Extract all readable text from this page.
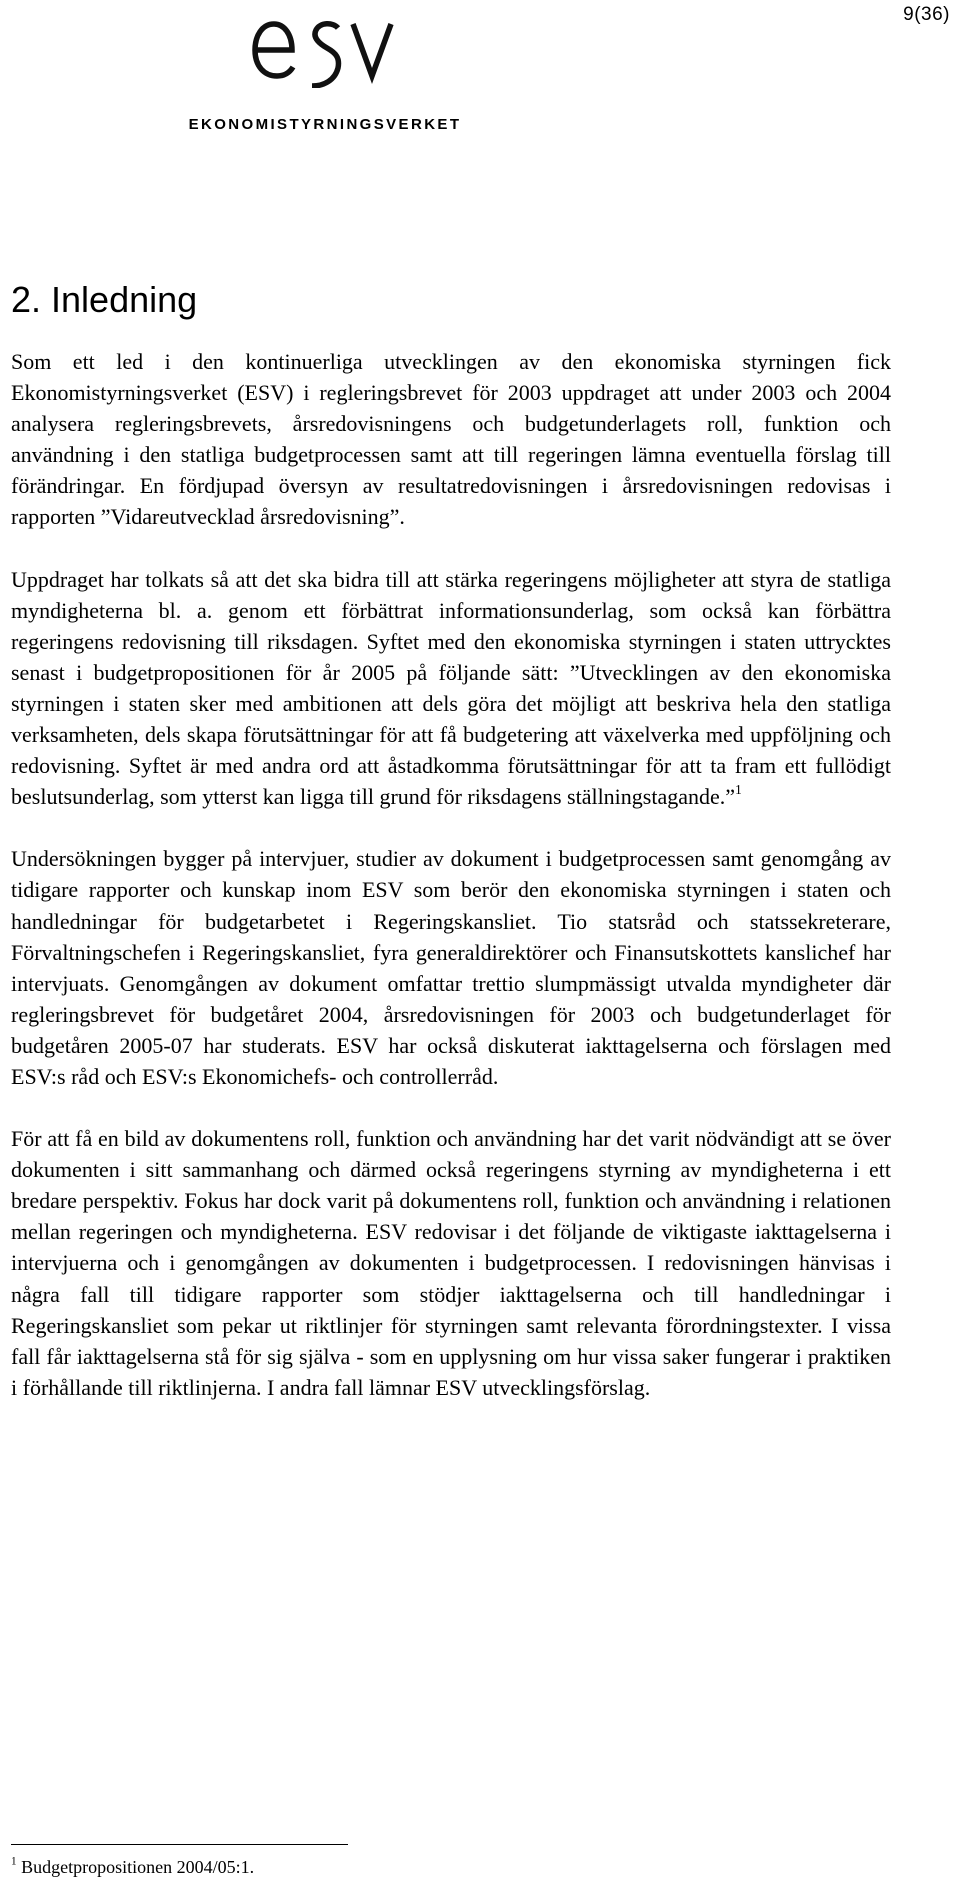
9(36)
EKONOMISTYRNINGSVERKET
2. Inledning

Som ett led i den kontinuerliga utvecklingen av den ekonomiska styrningen fick Ekonomistyrningsverket (ESV) i regleringsbrevet för 2003 uppdraget att under 2003 och 2004 analysera regleringsbrevets, årsredovisningens och budgetunderlagets roll, funktion och användning i den statliga budgetprocessen samt att till regeringen lämna eventuella förslag till förändringar. En fördjupad översyn av resultatredovisningen i årsredovisningen redovisas i rapporten ”Vidareutvecklad årsredovisning”.

Uppdraget har tolkats så att det ska bidra till att stärka regeringens möjligheter att styra de statliga myndigheterna bl. a. genom ett förbättrat informationsunderlag, som också kan förbättra regeringens redovisning till riksdagen. Syftet med den ekonomiska styrningen i staten uttrycktes senast i budgetpropositionen för år 2005 på följande sätt: ”Utvecklingen av den ekonomiska styrningen i staten sker med ambitionen att dels göra det möjligt att beskriva hela den statliga verksamheten, dels skapa förutsättningar för att få budgetering att växelverka med uppföljning och redovisning. Syftet är med andra ord att åstadkomma förutsättningar för att ta fram ett fullödigt beslutsunderlag, som ytterst kan ligga till grund för riksdagens ställningstagande.”$^1$

Undersökningen bygger på intervjuer, studier av dokument i budgetprocessen samt genomgång av tidigare rapporter och kunskap inom ESV som berör den ekonomiska styrningen i staten och handledningar för budgetarbetet i Regeringskansliet. Tio statsråd och statssekreterare, Förvaltningschefen i Regeringskansliet, fyra generaldirektörer och Finansutskottets kanslichef har intervjuats. Genomgången av dokument omfattar trettio slumpmässigt utvalda myndigheter där regleringsbrevet för budgetåret 2004, årsredovisningen för 2003 och budgetunderlaget för budgetåren 2005-07 har studerats. ESV har också diskuterat iakttagelserna och förslagen med ESV:s råd och ESV:s Ekonomichefs- och controllerråd.

För att få en bild av dokumentens roll, funktion och användning har det varit nödvändigt att se över dokumenten i sitt sammanhang och därmed också regeringens styrning av myndigheterna i ett bredare perspektiv. Fokus har dock varit på dokumentens roll, funktion och användning i relationen mellan regeringen och myndigheterna. ESV redovisar i det följande de viktigaste iakttagelserna i intervjuerna och i genomgången av dokumenten i budgetprocessen. I redovisningen hänvisas i några fall till tidigare rapporter som stödjer iakttagelserna och till handledningar i Regeringskansliet som pekar ut riktlinjer för styrningen samt relevanta förordningstexter. I vissa fall får iakttagelserna stå för sig själva - som en upplysning om hur vissa saker fungerar i praktiken i förhållande till riktlinjerna. I andra fall lämnar ESV utvecklingsförslag.

$^1$ Budgetpropositionen 2004/05:1.
